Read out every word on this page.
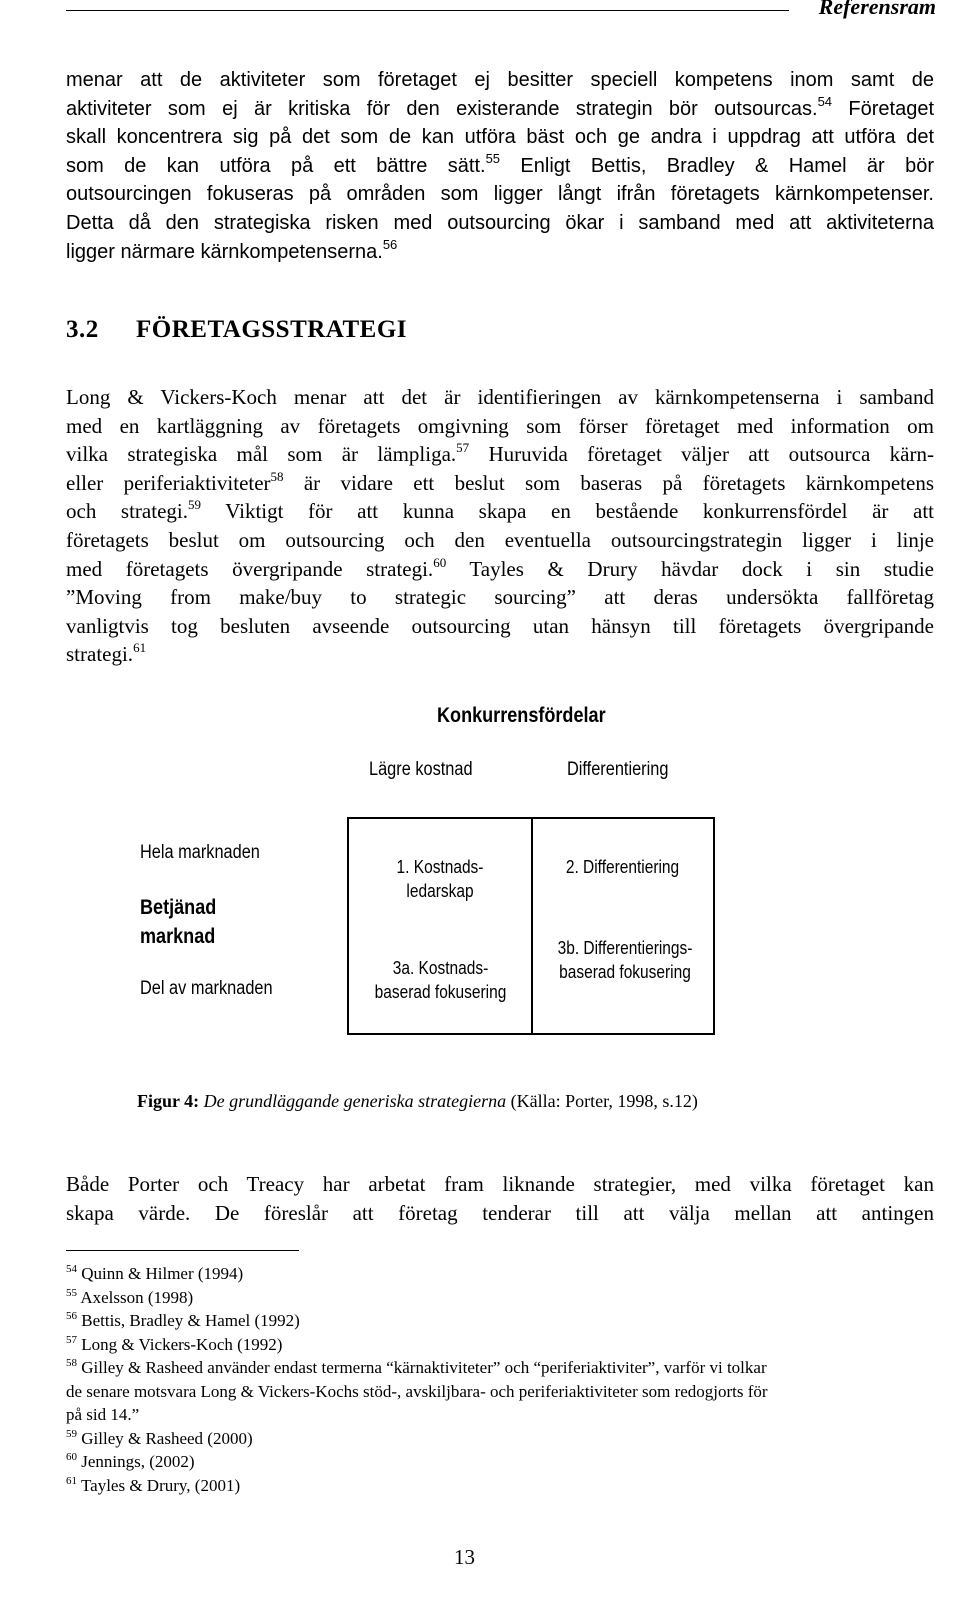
Referensram
menar att de aktiviteter som företaget ej besitter speciell kompetens inom samt de
aktiviteter som ej är kritiska för den existerande strategin bör outsourcas.$^{54}$ Företaget
skall koncentrera sig på det som de kan utföra bäst och ge andra i uppdrag att utföra det
som de kan utföra på ett bättre sätt.$^{55}$ Enligt Bettis, Bradley & Hamel är bör
outsourcingen fokuseras på områden som ligger långt ifrån företagets kärnkompetenser.
Detta då den strategiska risken med outsourcing ökar i samband med att aktiviteterna
ligger närmare kärnkompetenserna.$^{56}$
3.2 FÖRETAGSSTRATEGI
Long & Vickers-Koch menar att det är identifieringen av kärnkompetenserna i samband
med en kartläggning av företagets omgivning som förser företaget med information om
vilka strategiska mål som är lämpliga.$^{57}$ Huruvida företaget väljer att outsourca kärn-
eller periferiaktiviteter$^{58}$ är vidare ett beslut som baseras på företagets kärnkompetens
och strategi.$^{59}$ Viktigt för att kunna skapa en bestående konkurrensfördel är att
företagets beslut om outsourcing och den eventuella outsourcingstrategin ligger i linje
med företagets övergripande strategi.$^{60}$ Tayles & Drury hävdar dock i sin studie
”Moving from make/buy to strategic sourcing” att deras undersökta fallföretag
vanligtvis tog besluten avseende outsourcing utan hänsyn till företagets övergripande
strategi.$^{61}$
Konkurrensfördelar
Lägre kostnad	Differentiering
Hela marknaden
Betjänad marknad
Del av marknaden
1. Kostnads-ledarskap
2. Differentiering
3a. Kostnads-baserad fokusering
3b. Differentierings-baserad fokusering
Figur 4: De grundläggande generiska strategierna (Källa: Porter, 1998, s.12)
Både Porter och Treacy har arbetat fram liknande strategier, med vilka företaget kan
skapa värde. De föreslår att företag tenderar till att välja mellan att antingen
$^{54}$ Quinn & Hilmer (1994)
$^{55}$ Axelsson (1998)
$^{56}$ Bettis, Bradley & Hamel (1992)
$^{57}$ Long & Vickers-Koch (1992)
$^{58}$ Gilley & Rasheed använder endast termerna “kärnaktiviteter” och “periferiaktiviter”, varför vi tolkar
de senare motsvara Long & Vickers-Kochs stöd-, avskiljbara- och periferiaktiviteter som redogjorts för
på sid 14.”
$^{59}$ Gilley & Rasheed (2000)
$^{60}$ Jennings, (2002)
$^{61}$ Tayles & Drury, (2001)
13
